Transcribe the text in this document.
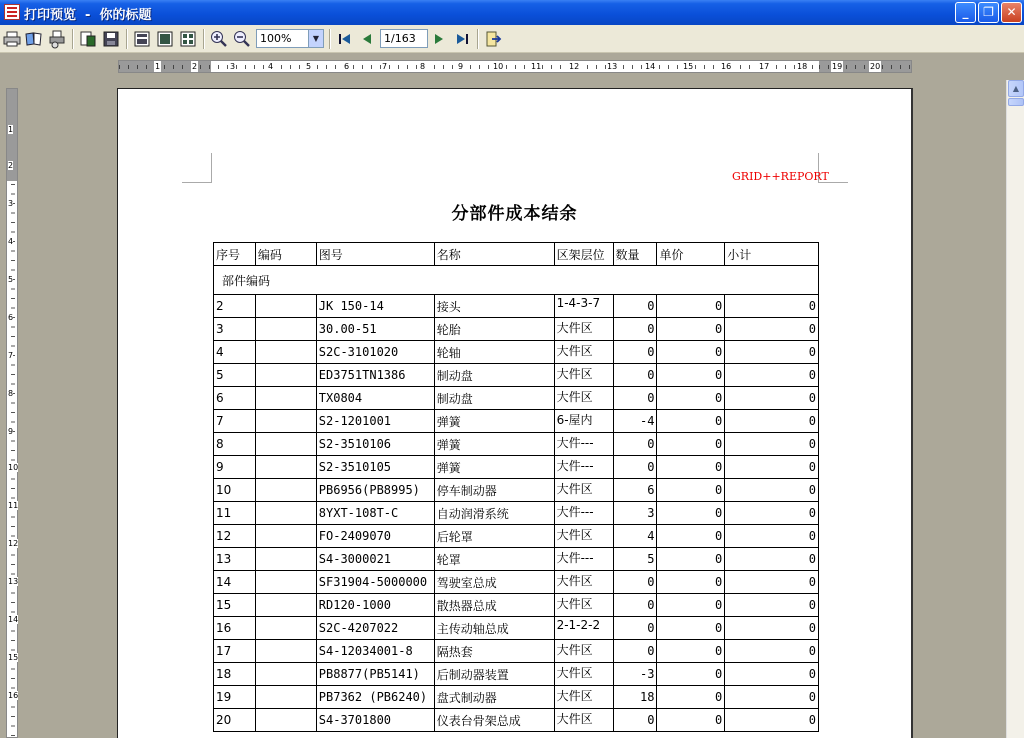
打印预览  -  你的标题	_	❐	✕
100%	▼	1/163
1	2	3	4	5	6	7	8	9	10	11	12	13	14	15	16	17	18	19	20
1
2
3
4
5
6
7
8
9
10
11
12
13
14
15
16
▲
GRID++REPORT
分部件成本结余
序号	编码	图号	名称	区架层位	数量	单价	小计
部件编码							
2		JK 150-14	接头	1-4-3-7	0	0	0
3		30.00-51	轮胎	大件区	0	0	0
4		S2C-3101020	轮轴	大件区	0	0	0
5		ED3751TN1386	制动盘	大件区	0	0	0
6		TX0804	制动盘	大件区	0	0	0
7		S2-1201001	弹簧	6-屋内	-4	0	0
8		S2-3510106	弹簧	大件---	0	0	0
9		S2-3510105	弹簧	大件---	0	0	0
10		PB6956(PB8995)	停车制动器	大件区	6	0	0
11		8YXT-108T-C	自动润滑系统	大件---	3	0	0
12		FO-2409070	后轮罩	大件区	4	0	0
13		S4-3000021	轮罩	大件---	5	0	0
14		SF31904-5000000	驾驶室总成	大件区	0	0	0
15		RD120-1000	散热器总成	大件区	0	0	0
16		S2C-4207022	主传动轴总成	2-1-2-2	0	0	0
17		S4-12034001-8	隔热套	大件区	0	0	0
18		PB8877(PB5141)	后制动器装置	大件区	-3	0	0
19		PB7362 (PB6240)	盘式制动器	大件区	18	0	0
20		S4-3701800	仪表台骨架总成	大件区	0	0	0
